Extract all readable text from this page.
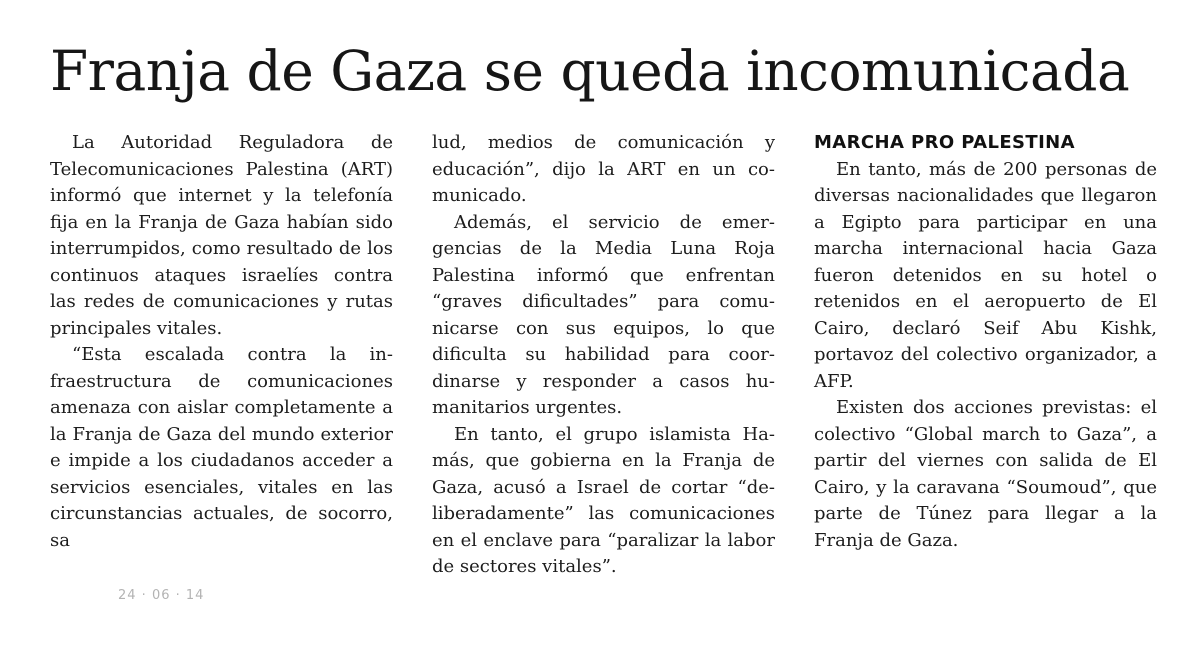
Franja de Gaza se queda incomunicada

La Autoridad Reguladora de Telecomunicaciones Palestina (ART) informó que internet y la telefonía fija en la Franja de Gaza habían sido interrumpidos, como resultado de los continuos ataques israelíes contra las redes de comunicaciones y rutas principales vitales.

“Esta escalada contra la infraestructura de comunicaciones amenaza con aislar completamente a la Franja de Gaza del mundo exterior e impide a los ciudadanos acceder a servicios esenciales, vitales en las circunstancias actuales, de socorro, sa

lud, medios de comunicación y educación”, dijo la ART en un comunicado.

Además, el servicio de emergencias de la Media Luna Roja Palestina informó que enfrentan “graves dificultades” para comunicarse con sus equipos, lo que dificulta su habilidad para coordinarse y responder a casos humanitarios urgentes.

En tanto, el grupo islamista Hamás, que gobierna en la Franja de Gaza, acusó a Israel de cortar “deliberadamente” las comunicaciones en el enclave para “paralizar la labor de sectores vitales”.

MARCHA PRO PALESTINA

En tanto, más de 200 personas de diversas nacionalidades que llegaron a Egipto para participar en una marcha internacional hacia Gaza fueron detenidos en su hotel o retenidos en el aeropuerto de El Cairo, declaró Seif Abu Kishk, portavoz del colectivo organizador, a AFP.

Existen dos acciones previstas: el colectivo “Global march to Gaza”, a partir del viernes con salida de El Cairo, y la caravana “Soumoud”, que parte de Túnez para llegar a la Franja de Gaza.

24 · 06 · 14
